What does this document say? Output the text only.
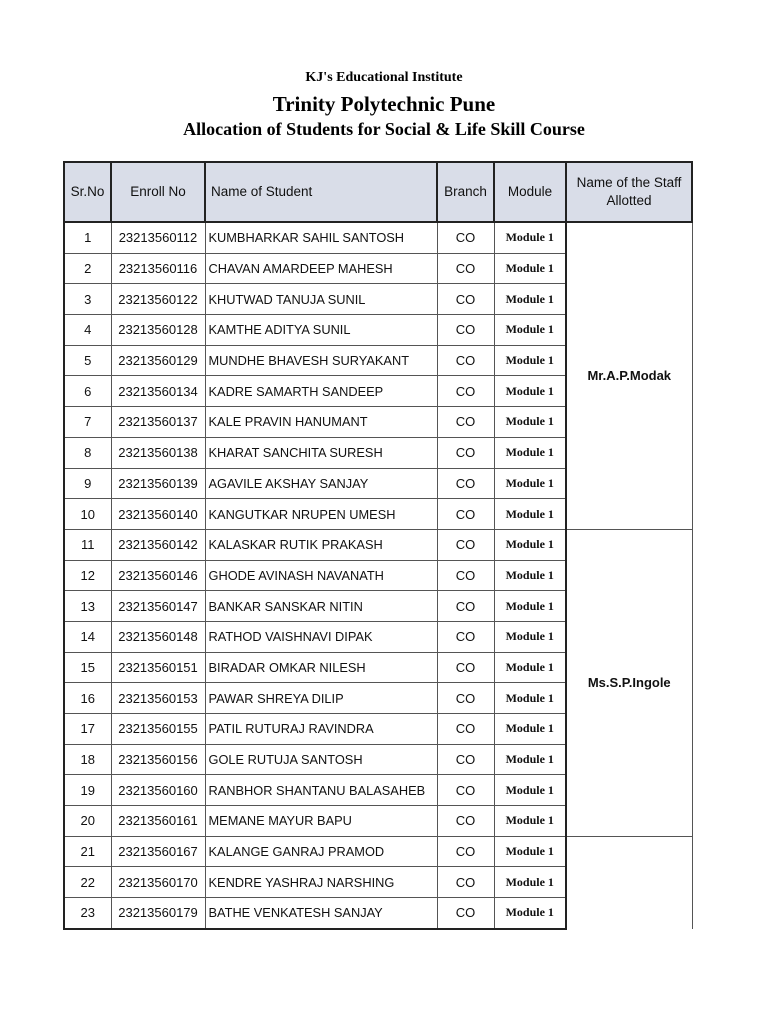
KJ's Educational Institute
Trinity Polytechnic Pune
Allocation of Students for Social & Life Skill Course
Sr.No	Enroll No	Name of Student	Branch	Module	Name of the Staff Allotted
1	23213560112	KUMBHARKAR SAHIL SANTOSH	CO	Module 1	Mr.A.P.Modak
2	23213560116	CHAVAN AMARDEEP MAHESH	CO	Module 1	
3	23213560122	KHUTWAD TANUJA SUNIL	CO	Module 1	
4	23213560128	KAMTHE ADITYA SUNIL	CO	Module 1	
5	23213560129	MUNDHE BHAVESH SURYAKANT	CO	Module 1	
6	23213560134	KADRE SAMARTH SANDEEP	CO	Module 1	
7	23213560137	KALE PRAVIN HANUMANT	CO	Module 1	
8	23213560138	KHARAT SANCHITA SURESH	CO	Module 1	
9	23213560139	AGAVILE AKSHAY SANJAY	CO	Module 1	
10	23213560140	KANGUTKAR NRUPEN UMESH	CO	Module 1	
11	23213560142	KALASKAR RUTIK PRAKASH	CO	Module 1	Ms.S.P.Ingole
12	23213560146	GHODE AVINASH NAVANATH	CO	Module 1	
13	23213560147	BANKAR SANSKAR NITIN	CO	Module 1	
14	23213560148	RATHOD VAISHNAVI DIPAK	CO	Module 1	
15	23213560151	BIRADAR OMKAR NILESH	CO	Module 1	
16	23213560153	PAWAR SHREYA DILIP	CO	Module 1	
17	23213560155	PATIL RUTURAJ RAVINDRA	CO	Module 1	
18	23213560156	GOLE RUTUJA SANTOSH	CO	Module 1	
19	23213560160	RANBHOR SHANTANU BALASAHEB	CO	Module 1	
20	23213560161	MEMANE MAYUR BAPU	CO	Module 1	
21	23213560167	KALANGE GANRAJ PRAMOD	CO	Module 1	
22	23213560170	KENDRE YASHRAJ NARSHING	CO	Module 1	
23	23213560179	BATHE VENKATESH SANJAY	CO	Module 1	
